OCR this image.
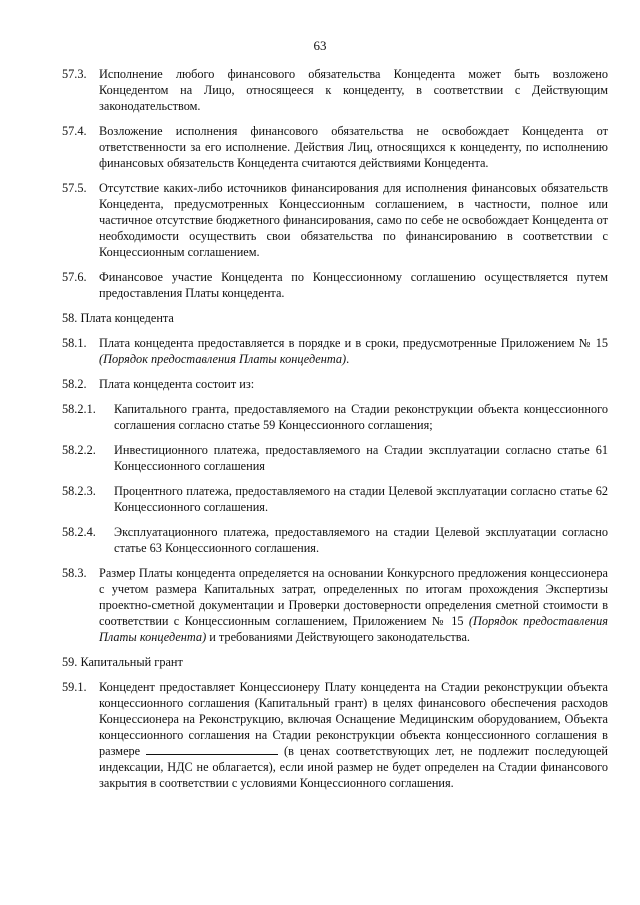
63
57.3. Исполнение любого финансового обязательства Концедента может быть возложено Концедентом на Лицо, относящееся к концеденту, в соответствии с Действующим законодательством.
57.4. Возложение исполнения финансового обязательства не освобождает Концедента от ответственности за его исполнение. Действия Лиц, относящихся к концеденту, по исполнению финансовых обязательств Концедента считаются действиями Концедента.
57.5. Отсутствие каких-либо источников финансирования для исполнения финансовых обязательств Концедента, предусмотренных Концессионным соглашением, в частности, полное или частичное отсутствие бюджетного финансирования, само по себе не освобождает Концедента от необходимости осуществить свои обязательства по финансированию в соответствии с Концессионным соглашением.
57.6. Финансовое участие Концедента по Концессионному соглашению осуществляется путем предоставления Платы концедента.
58. Плата концедента
58.1. Плата концедента предоставляется в порядке и в сроки, предусмотренные Приложением № 15 (Порядок предоставления Платы концедента).
58.2. Плата концедента состоит из:
58.2.1. Капитального гранта, предоставляемого на Стадии реконструкции объекта концессионного соглашения согласно статье 59 Концессионного соглашения;
58.2.2. Инвестиционного платежа, предоставляемого на Стадии эксплуатации согласно статье 61 Концессионного соглашения
58.2.3. Процентного платежа, предоставляемого на стадии Целевой эксплуатации согласно статье 62 Концессионного соглашения.
58.2.4. Эксплуатационного платежа, предоставляемого на стадии Целевой эксплуатации согласно статье 63 Концессионного соглашения.
58.3. Размер Платы концедента определяется на основании Конкурсного предложения концессионера с учетом размера Капитальных затрат, определенных по итогам прохождения Экспертизы проектно-сметной документации и Проверки достоверности определения сметной стоимости в соответствии с Концессионным соглашением, Приложением № 15 (Порядок предоставления Платы концедента) и требованиями Действующего законодательства.
59. Капитальный грант
59.1. Концедент предоставляет Концессионеру Плату концедента на Стадии реконструкции объекта концессионного соглашения (Капитальный грант) в целях финансового обеспечения расходов Концессионера на Реконструкцию, включая Оснащение Медицинским оборудованием, Объекта концессионного соглашения на Стадии реконструкции объекта концессионного соглашения в размере	(в ценах соответствующих лет, не подлежит последующей индексации, НДС не облагается), если иной размер не будет определен на Стадии финансового закрытия в соответствии с условиями Концессионного соглашения.
